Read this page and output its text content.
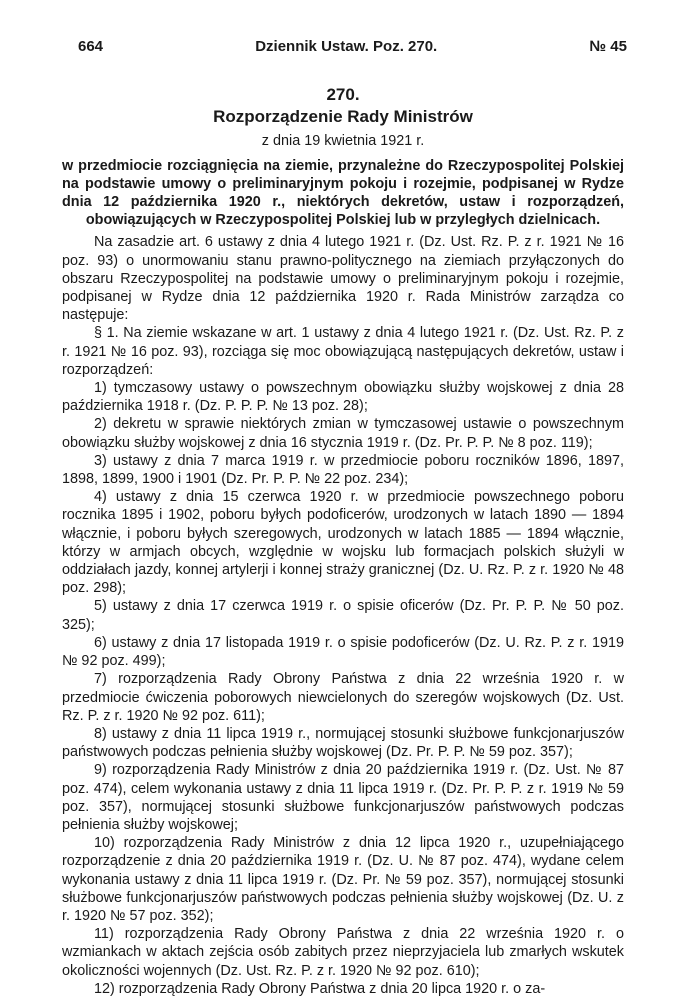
664	Dziennik Ustaw. Poz. 270.	№ 45
270.
Rozporządzenie Rady Ministrów
z dnia 19 kwietnia 1921 r.
w przedmiocie rozciągnięcia na ziemie, przynależne do Rzeczypospolitej Polskiej na podstawie umowy o preliminaryjnym pokoju i rozejmie, podpisanej w Rydze dnia 12 października 1920 r., niektórych dekretów, ustaw i rozporządzeń, obowiązujących w Rzeczypospolitej Polskiej lub w przyległych dzielnicach.

Na zasadzie art. 6 ustawy z dnia 4 lutego 1921 r. (Dz. Ust. Rz. P. z r. 1921 № 16 poz. 93) o unormowaniu stanu prawno-politycznego na ziemiach przyłączonych do obszaru Rzeczypospolitej na podstawie umowy o preliminaryjnym pokoju i rozejmie, podpisanej w Rydze dnia 12 października 1920 r. Rada Ministrów zarządza co następuje:

§ 1. Na ziemie wskazane w art. 1 ustawy z dnia 4 lutego 1921 r. (Dz. Ust. Rz. P. z r. 1921 № 16 poz. 93), rozciąga się moc obowiązującą następujących dekretów, ustaw i rozporządzeń:

1) tymczasowy ustawy o powszechnym obowiązku służby wojskowej z dnia 28 października 1918 r. (Dz. P. P. P. № 13 poz. 28);

2) dekretu w sprawie niektórych zmian w tymczasowej ustawie o powszechnym obowiązku służby wojskowej z dnia 16 stycznia 1919 r. (Dz. Pr. P. P. № 8 poz. 119);

3) ustawy z dnia 7 marca 1919 r. w przedmiocie poboru roczników 1896, 1897, 1898, 1899, 1900 i 1901 (Dz. Pr. P. P. № 22 poz. 234);

4) ustawy z dnia 15 czerwca 1920 r. w przedmiocie powszechnego poboru rocznika 1895 i 1902, poboru byłych podoficerów, urodzonych w latach 1890 — 1894 włącznie, i poboru byłych szeregowych, urodzonych w latach 1885 — 1894 włącznie, którzy w armjach obcych, względnie w wojsku lub formacjach polskich służyli w oddziałach jazdy, konnej artylerji i konnej straży granicznej (Dz. U. Rz. P. z r. 1920 № 48 poz. 298);

5) ustawy z dnia 17 czerwca 1919 r. o spisie oficerów (Dz. Pr. P. P. № 50 poz. 325);

6) ustawy z dnia 17 listopada 1919 r. o spisie podoficerów (Dz. U. Rz. P. z r. 1919 № 92 poz. 499);

7) rozporządzenia Rady Obrony Państwa z dnia 22 września 1920 r. w przedmiocie ćwiczenia poborowych niewcielonych do szeregów wojskowych (Dz. Ust. Rz. P. z r. 1920 № 92 poz. 611);

8) ustawy z dnia 11 lipca 1919 r., normującej stosunki służbowe funkcjonarjuszów państwowych podczas pełnienia służby wojskowej (Dz. Pr. P. P. № 59 poz. 357);

9) rozporządzenia Rady Ministrów z dnia 20 października 1919 r. (Dz. Ust. № 87 poz. 474), celem wykonania ustawy z dnia 11 lipca 1919 r. (Dz. Pr. P. P. z r. 1919 № 59 poz. 357), normującej stosunki służbowe funkcjonarjuszów państwowych podczas pełnienia służby wojskowej;

10) rozporządzenia Rady Ministrów z dnia 12 lipca 1920 r., uzupełniającego rozporządzenie z dnia 20 października 1919 r. (Dz. U. № 87 poz. 474), wydane celem wykonania ustawy z dnia 11 lipca 1919 r. (Dz. Pr. № 59 poz. 357), normującej stosunki służbowe funkcjonarjuszów państwowych podczas pełnienia służby wojskowej (Dz. U. z r. 1920 № 57 poz. 352);

11) rozporządzenia Rady Obrony Państwa z dnia 22 września 1920 r. o wzmiankach w aktach zejścia osób zabitych przez nieprzyjaciela lub zmarłych wskutek okoliczności wojennych (Dz. Ust. Rz. P. z r. 1920 № 92 poz. 610);

12) rozporządzenia Rady Obrony Państwa z dnia 20 lipca 1920 r. o za-
